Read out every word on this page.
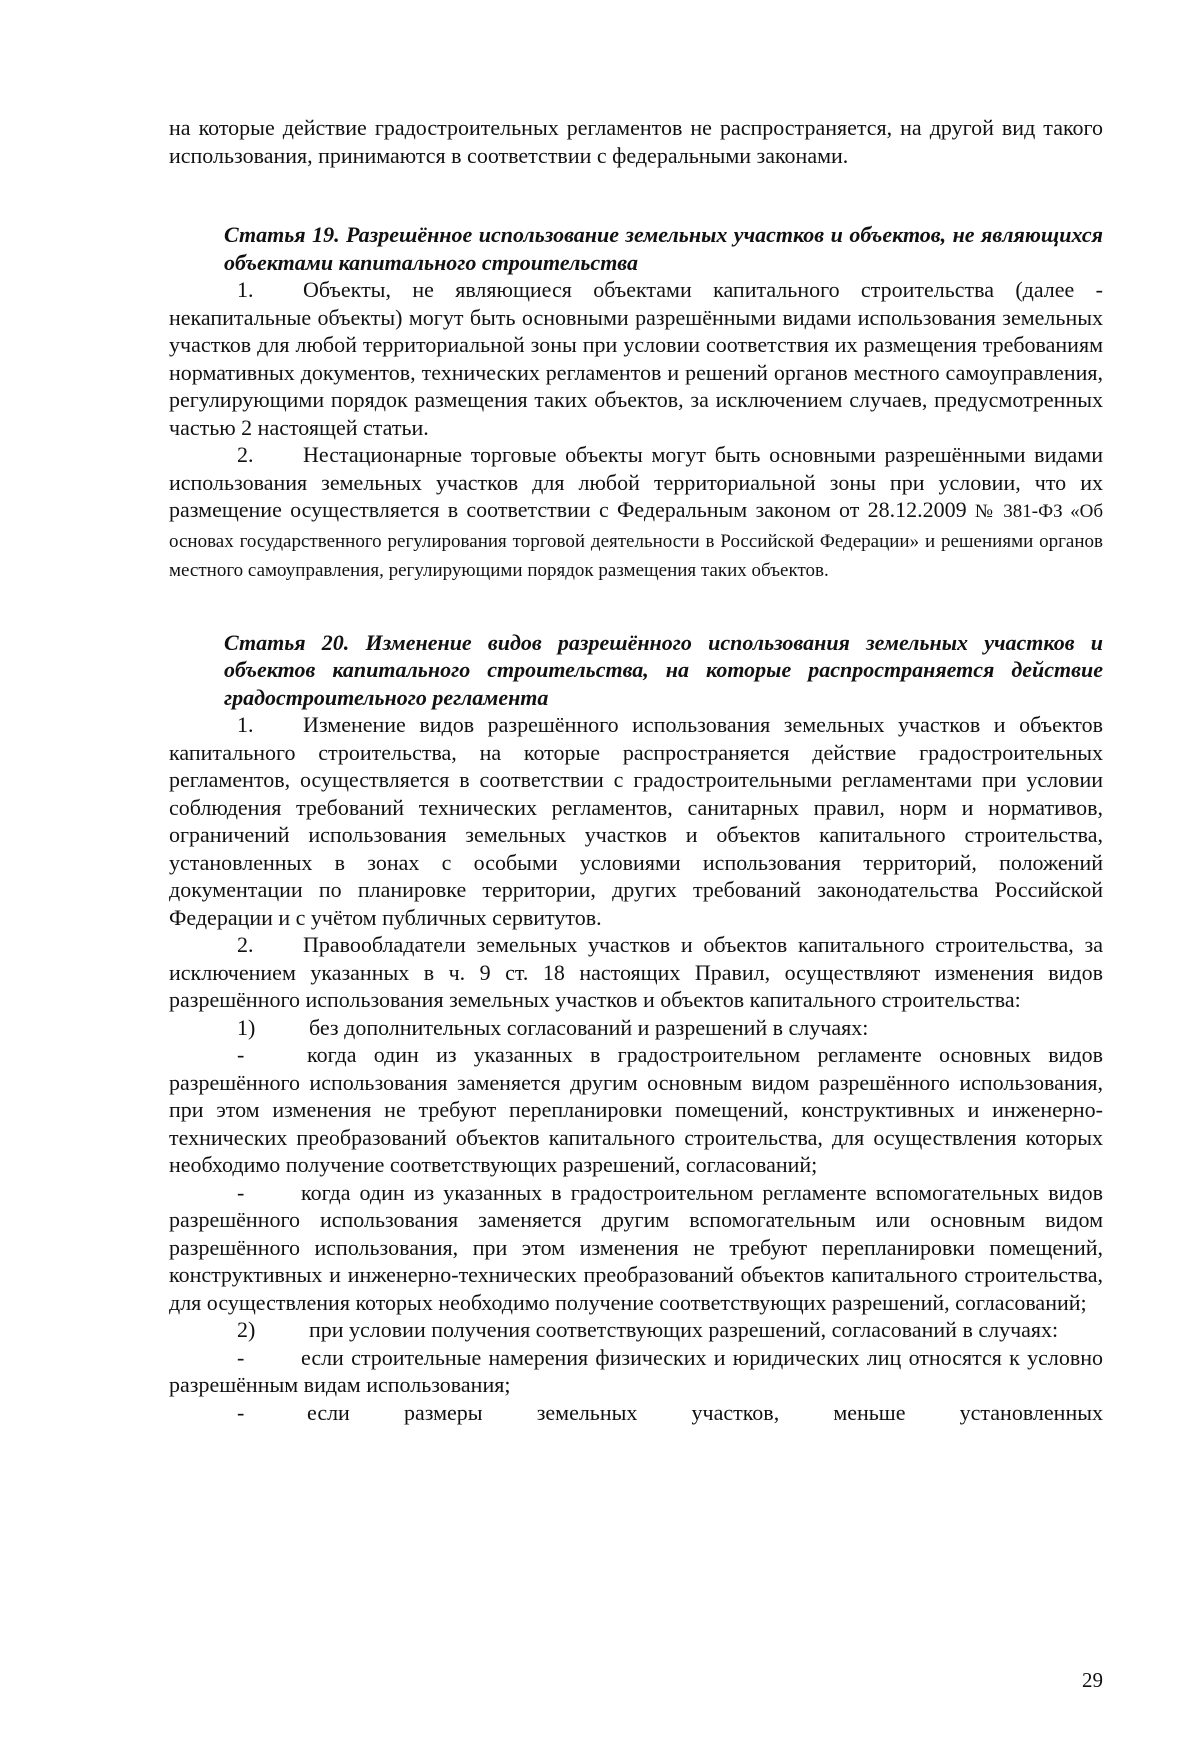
на которые действие градостроительных регламентов не распространяется, на другой вид такого использования, принимаются в соответствии с федеральными законами.

Статья 19. Разрешённое использование земельных участков и объектов, не являющихся объектами капитального строительства

1. Объекты, не являющиеся объектами капитального строительства (далее - некапитальные объекты) могут быть основными разрешёнными видами использования земельных участков для любой территориальной зоны при условии соответствия их размещения требованиям нормативных документов, технических регламентов и решений органов местного самоуправления, регулирующими порядок размещения таких объектов, за исключением случаев, предусмотренных частью 2 настоящей статьи.

2. Нестационарные торговые объекты могут быть основными разрешёнными видами использования земельных участков для любой территориальной зоны при условии, что их размещение осуществляется в соответствии с Федеральным законом от 28.12.2009 № 381-ФЗ «Об основах государственного регулирования торговой деятельности в Российской Федерации» и решениями органов местного самоуправления, регулирующими порядок размещения таких объектов.

Статья 20. Изменение видов разрешённого использования земельных участков и объектов капитального строительства, на которые распространяется действие градостроительного регламента

1. Изменение видов разрешённого использования земельных участков и объектов капитального строительства, на которые распространяется действие градостроительных регламентов, осуществляется в соответствии с градостроительными регламентами при условии соблюдения требований технических регламентов, санитарных правил, норм и нормативов, ограничений использования земельных участков и объектов капитального строительства, установленных в зонах с особыми условиями использования территорий, положений документации по планировке территории, других требований законодательства Российской Федерации и с учётом публичных сервитутов.

2. Правообладатели земельных участков и объектов капитального строительства, за исключением указанных в ч. 9 ст. 18 настоящих Правил, осуществляют изменения видов разрешённого использования земельных участков и объектов капитального строительства:

1) без дополнительных согласований и разрешений в случаях:

-	когда один из указанных в градостроительном регламенте основных видов разрешённого использования заменяется другим основным видом разрешённого использования, при этом изменения не требуют перепланировки помещений, конструктивных и инженерно-технических преобразований объектов капитального строительства, для осуществления которых необходимо получение соответствующих разрешений, согласований;

-	когда один из указанных в градостроительном регламенте вспомогательных видов разрешённого использования заменяется другим вспомогательным или основным видом разрешённого использования, при этом изменения не требуют перепланировки помещений, конструктивных и инженерно-технических преобразований объектов капитального строительства, для осуществления которых необходимо получение соответствующих разрешений, согласований;

2) при условии получения соответствующих разрешений, согласований в случаях:

-	если строительные намерения физических и юридических лиц относятся к условно разрешённым видам использования;

-	если размеры земельных участков, меньше установленных

29
